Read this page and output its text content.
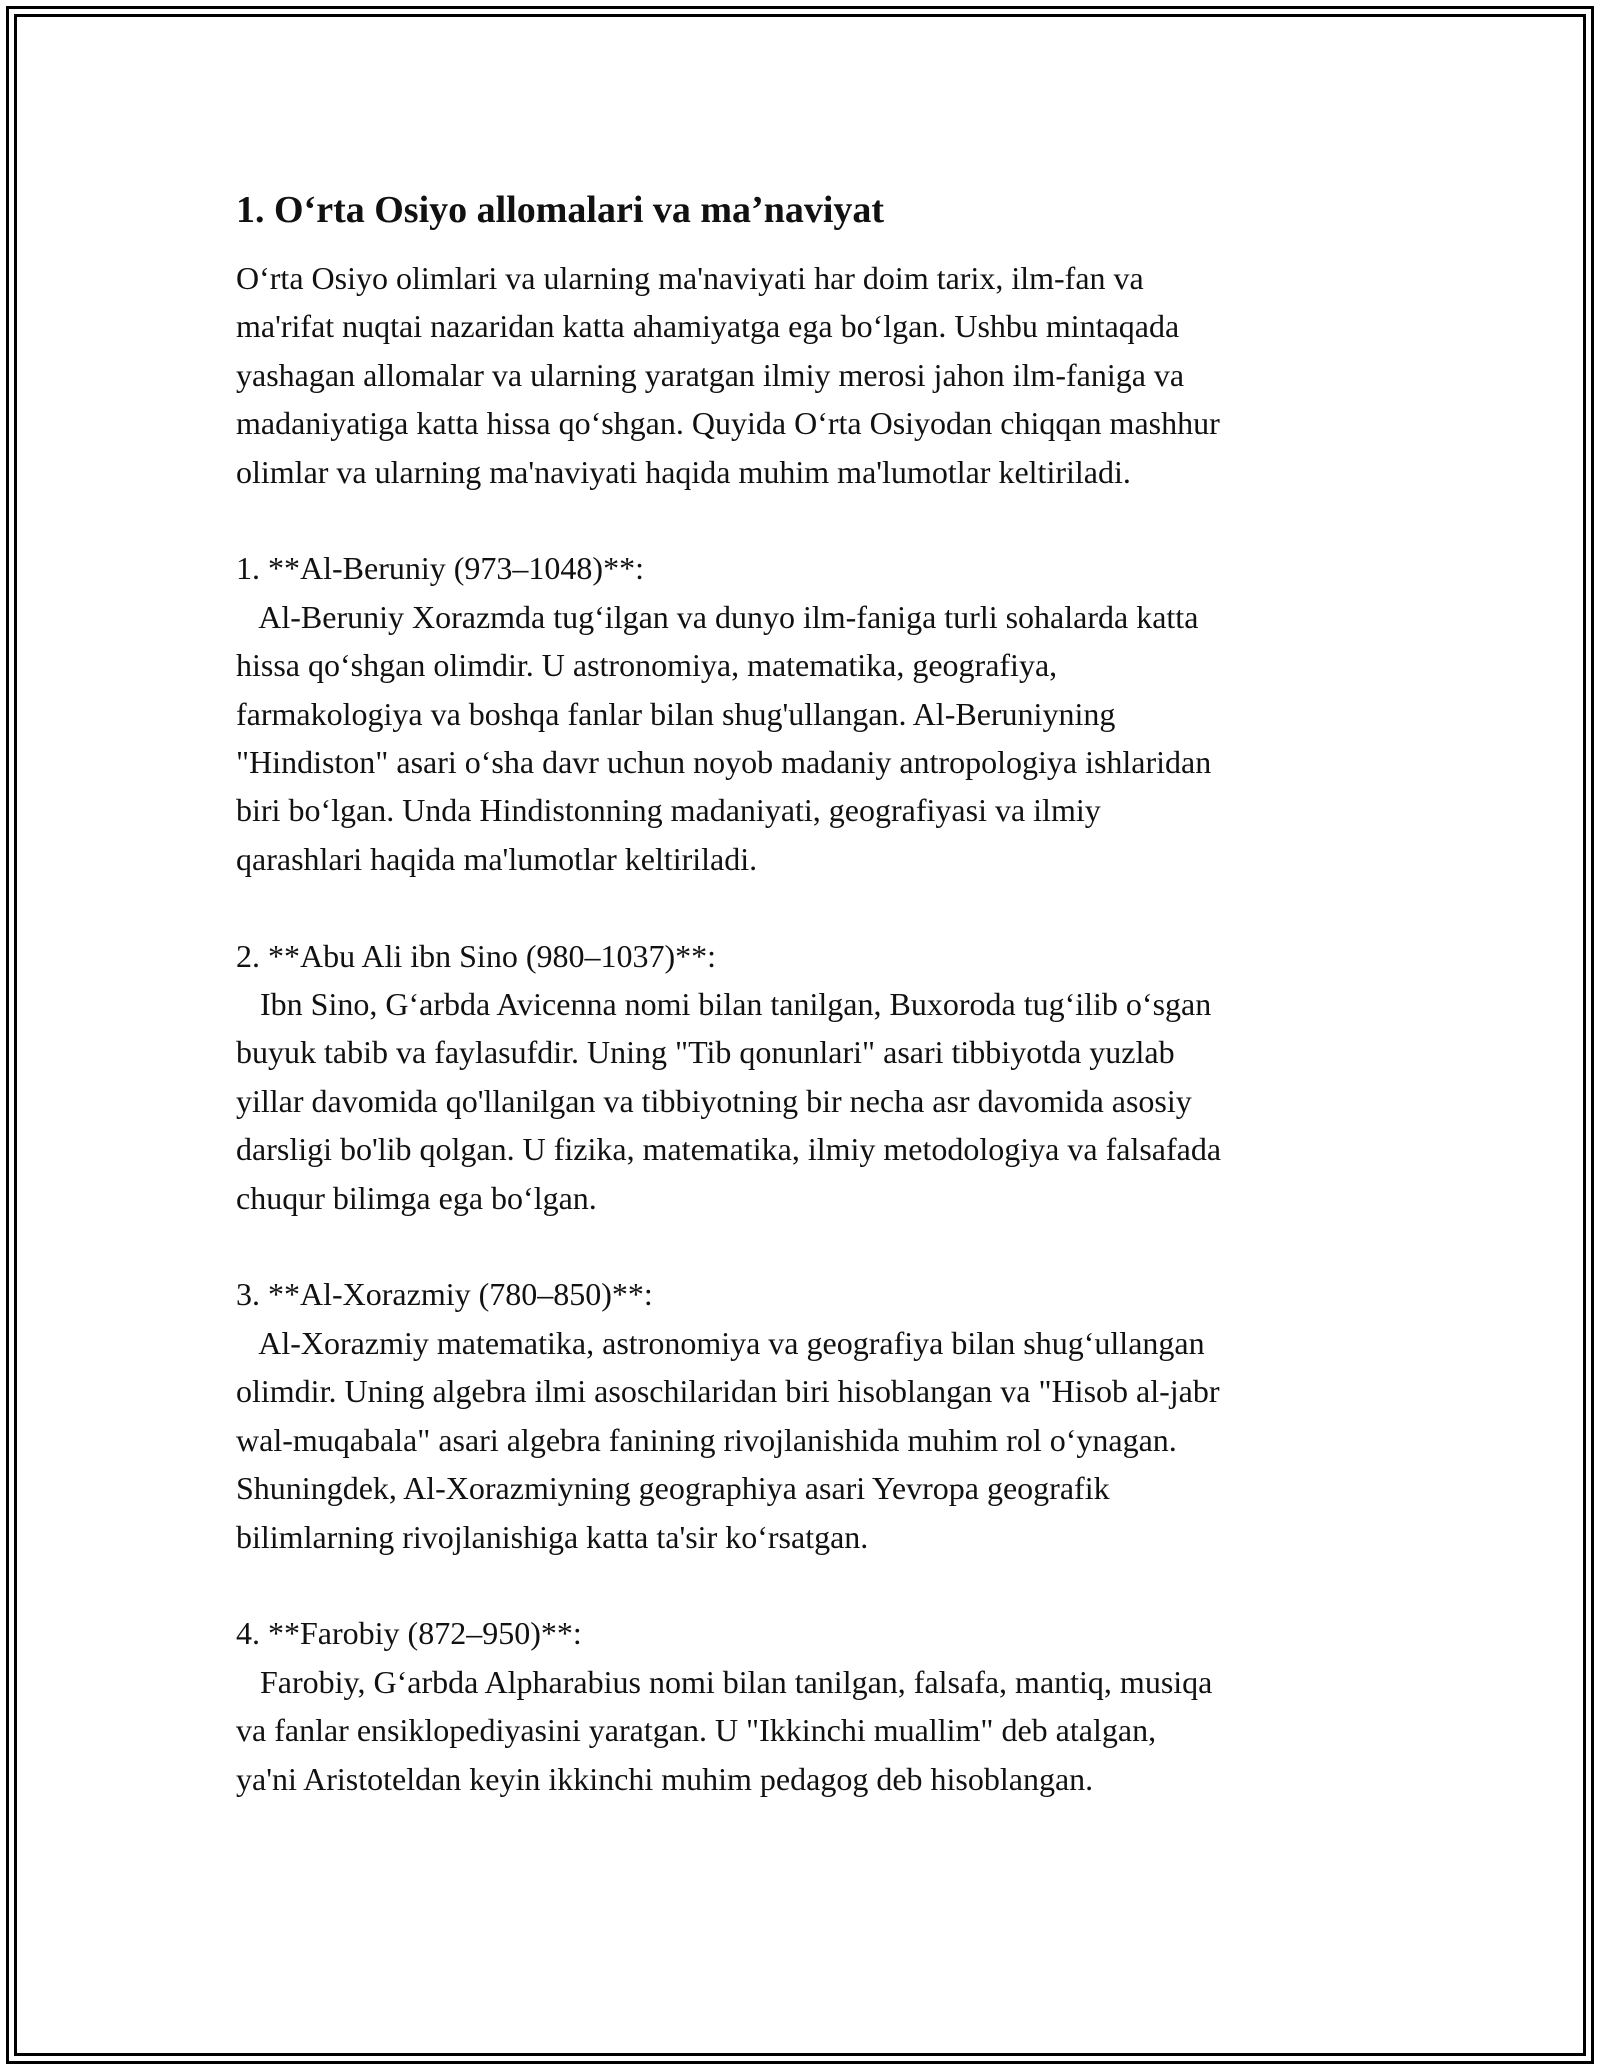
1. O‘rta Osiyo allomalari va ma’naviyat

O‘rta Osiyo olimlari va ularning ma'naviyati har doim tarix, ilm-fan va
ma'rifat nuqtai nazaridan katta ahamiyatga ega bo‘lgan. Ushbu mintaqada
yashagan allomalar va ularning yaratgan ilmiy merosi jahon ilm-faniga va
madaniyatiga katta hissa qo‘shgan. Quyida O‘rta Osiyodan chiqqan mashhur
olimlar va ularning ma'naviyati haqida muhim ma'lumotlar keltiriladi.
1. **Al-Beruniy (973–1048)**:
Al-Beruniy Xorazmda tug‘ilgan va dunyo ilm-faniga turli sohalarda katta
hissa qo‘shgan olimdir. U astronomiya, matematika, geografiya,
farmakologiya va boshqa fanlar bilan shug'ullangan. Al-Beruniyning
"Hindiston" asari o‘sha davr uchun noyob madaniy antropologiya ishlaridan
biri bo‘lgan. Unda Hindistonning madaniyati, geografiyasi va ilmiy
qarashlari haqida ma'lumotlar keltiriladi.
2. **Abu Ali ibn Sino (980–1037)**:
Ibn Sino, G‘arbda Avicenna nomi bilan tanilgan, Buxoroda tug‘ilib o‘sgan
buyuk tabib va faylasufdir. Uning "Tib qonunlari" asari tibbiyotda yuzlab
yillar davomida qo'llanilgan va tibbiyotning bir necha asr davomida asosiy
darsligi bo'lib qolgan. U fizika, matematika, ilmiy metodologiya va falsafada
chuqur bilimga ega bo‘lgan.
3. **Al-Xorazmiy (780–850)**:
Al-Xorazmiy matematika, astronomiya va geografiya bilan shug‘ullangan
olimdir. Uning algebra ilmi asoschilaridan biri hisoblangan va "Hisob al-jabr
wal-muqabala" asari algebra fanining rivojlanishida muhim rol o‘ynagan.
Shuningdek, Al-Xorazmiyning geographiya asari Yevropa geografik
bilimlarning rivojlanishiga katta ta'sir ko‘rsatgan.
4. **Farobiy (872–950)**:
Farobiy, G‘arbda Alpharabius nomi bilan tanilgan, falsafa, mantiq, musiqa
va fanlar ensiklopediyasini yaratgan. U "Ikkinchi muallim" deb atalgan,
ya'ni Aristoteldan keyin ikkinchi muhim pedagog deb hisoblangan.
